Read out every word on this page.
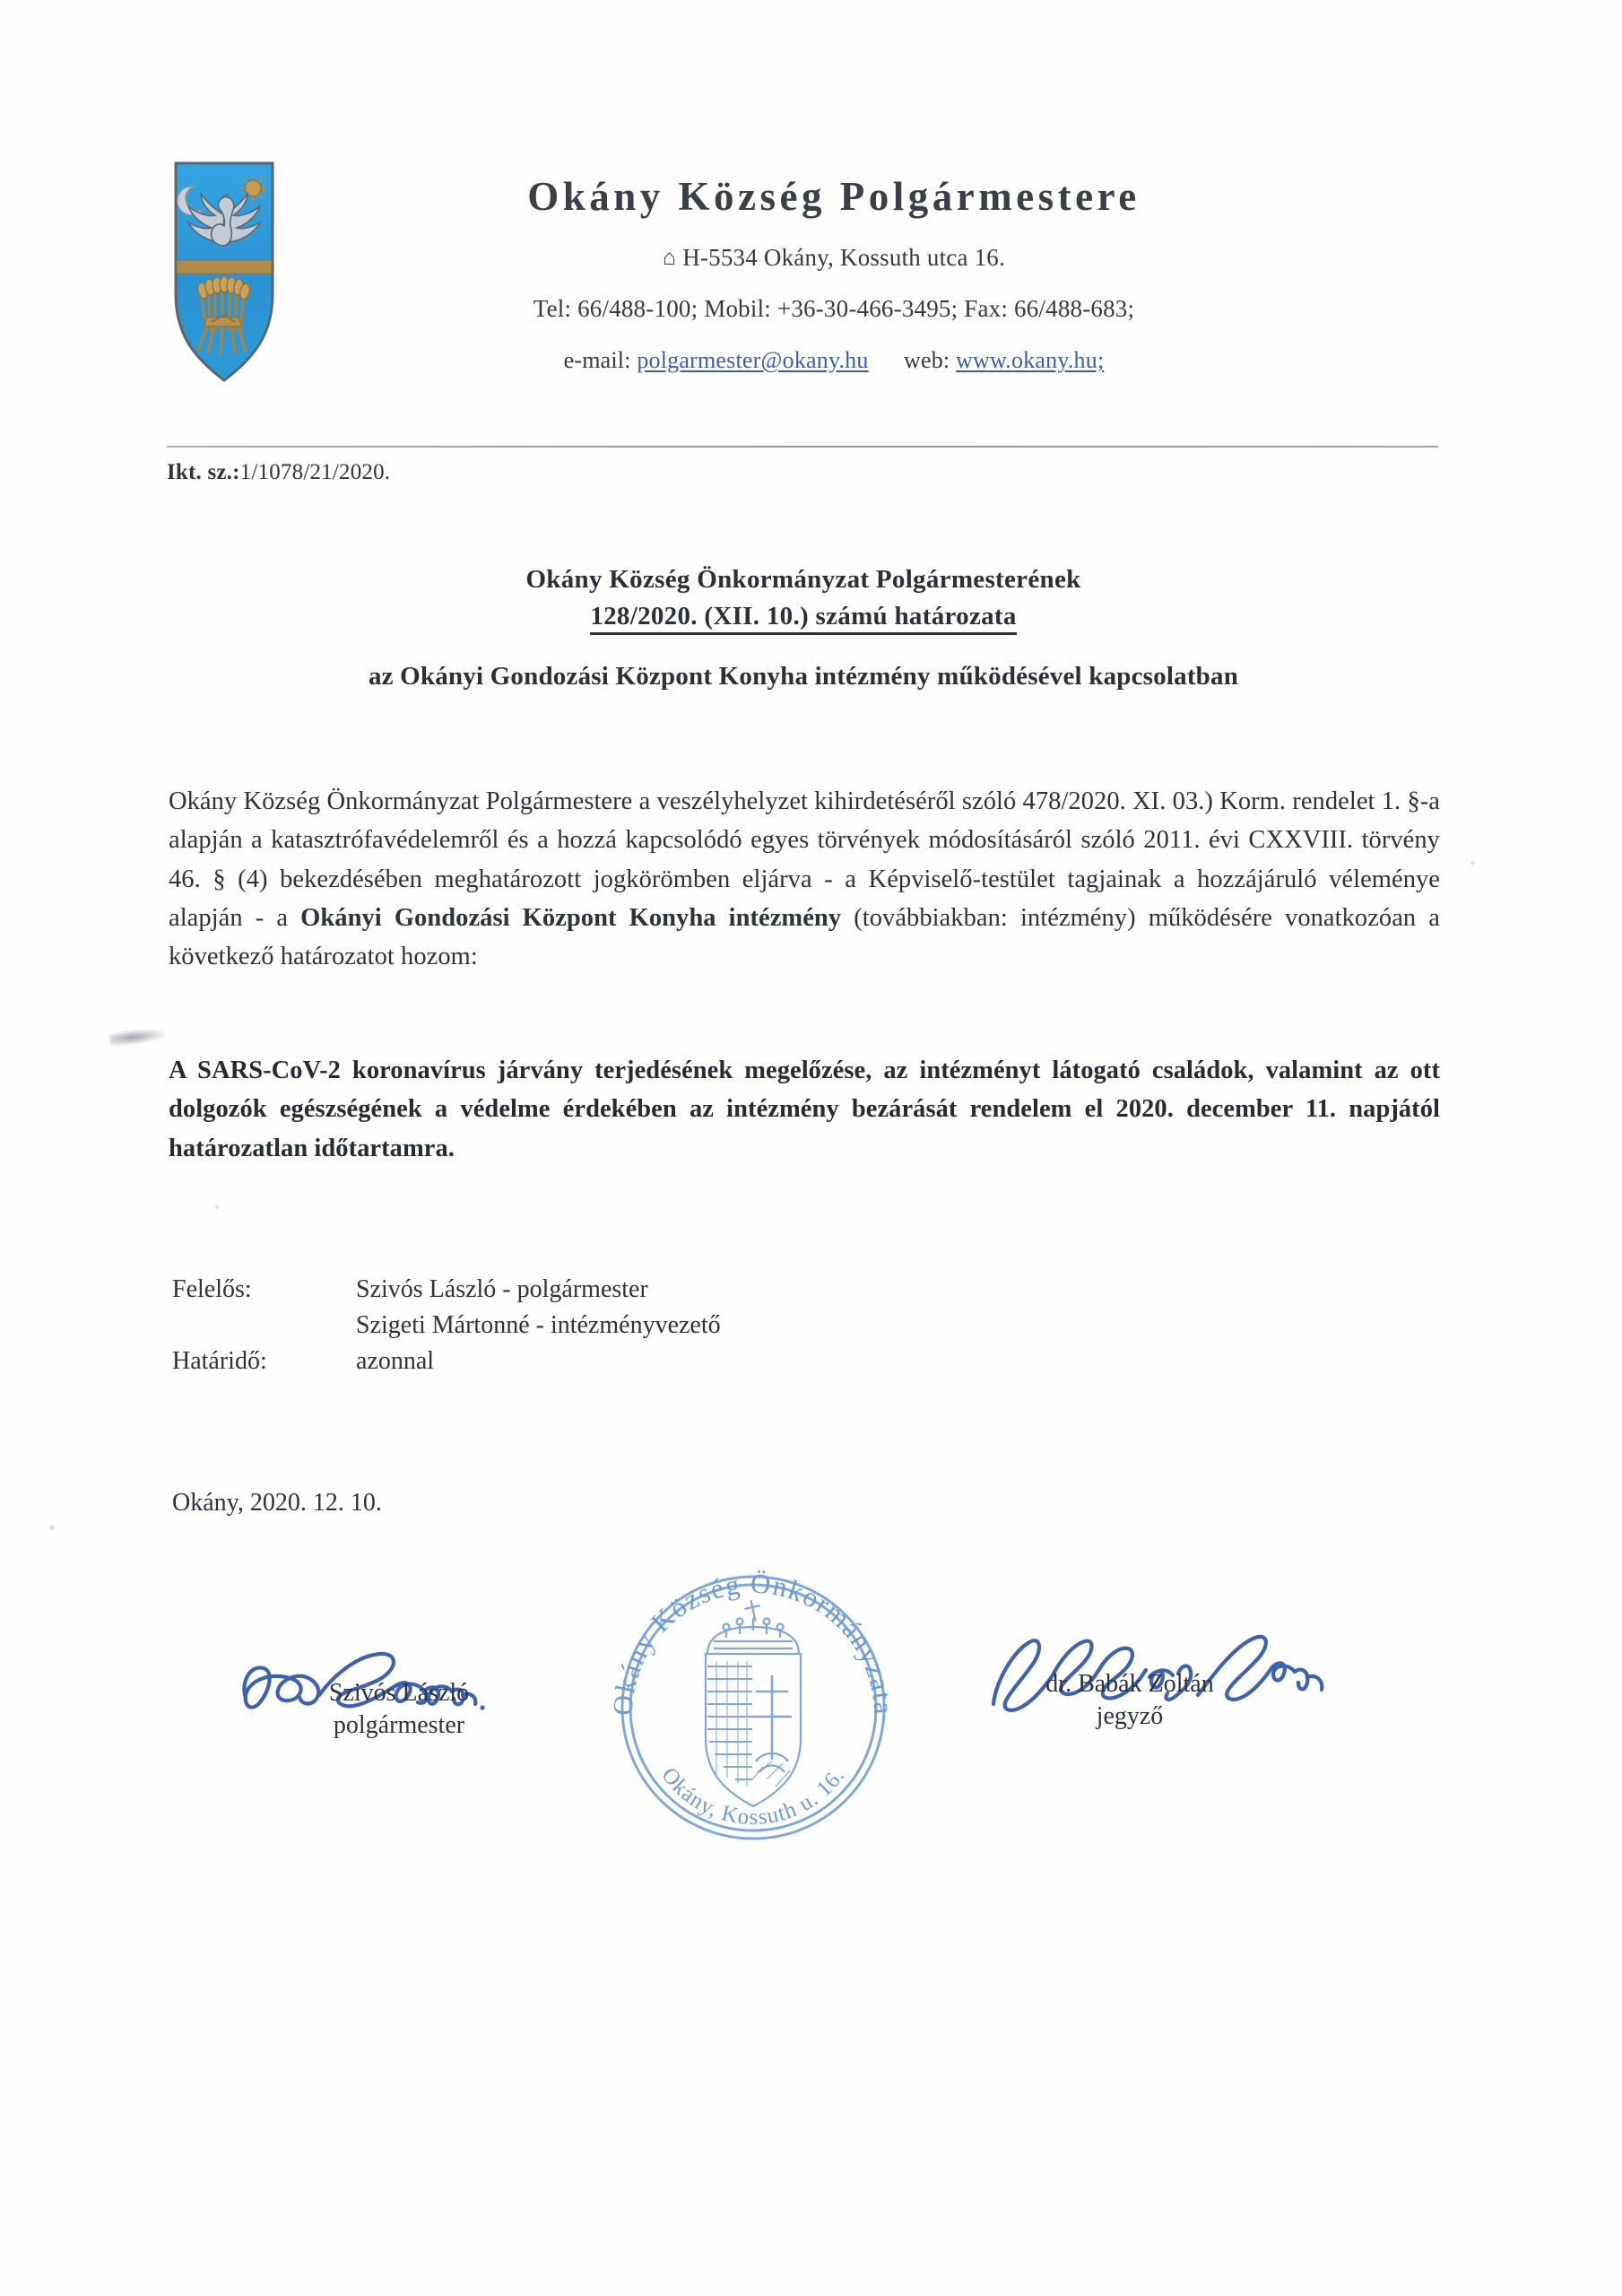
Okány Község Polgármestere
⌂ H-5534 Okány, Kossuth utca 16.
Tel: 66/488-100; Mobil: +36-30-466-3495; Fax: 66/488-683;
e-mail: polgarmester@okany.hu web: www.okany.hu;
Ikt. sz.:1/1078/21/2020.
Okány Község Önkormányzat Polgármesterének
128/2020. (XII. 10.) számú határozata
az Okányi Gondozási Központ Konyha intézmény működésével kapcsolatban
Okány Község Önkormányzat Polgármestere a veszélyhelyzet kihirdetéséről szóló 478/2020. XI. 03.) Korm. rendelet 1. §-a alapján a katasztrófavédelemről és a hozzá kapcsolódó egyes törvények módosításáról szóló 2011. évi CXXVIII. törvény 46. § (4) bekezdésében meghatározott jogkörömben eljárva - a Képviselő-testület tagjainak a hozzájáruló véleménye alapján - a Okányi Gondozási Központ Konyha intézmény (továbbiakban: intézmény) működésére vonatkozóan a következő határozatot hozom:
A SARS-CoV-2 koronavírus járvány terjedésének megelőzése, az intézményt látogató családok, valamint az ott dolgozók egészségének a védelme érdekében az intézmény bezárását rendelem el 2020. december 11. napjától határozatlan időtartamra.
Felelős:	Szivós László - polgármester
Szigeti Mártonné - intézményvezető
Határidő:	azonnal
Okány, 2020. 12. 10.
Okány Község Önkormányzata
Okány, Kossuth u. 16.
Szivós László
polgármester
dr. Babák Zoltán
jegyző
